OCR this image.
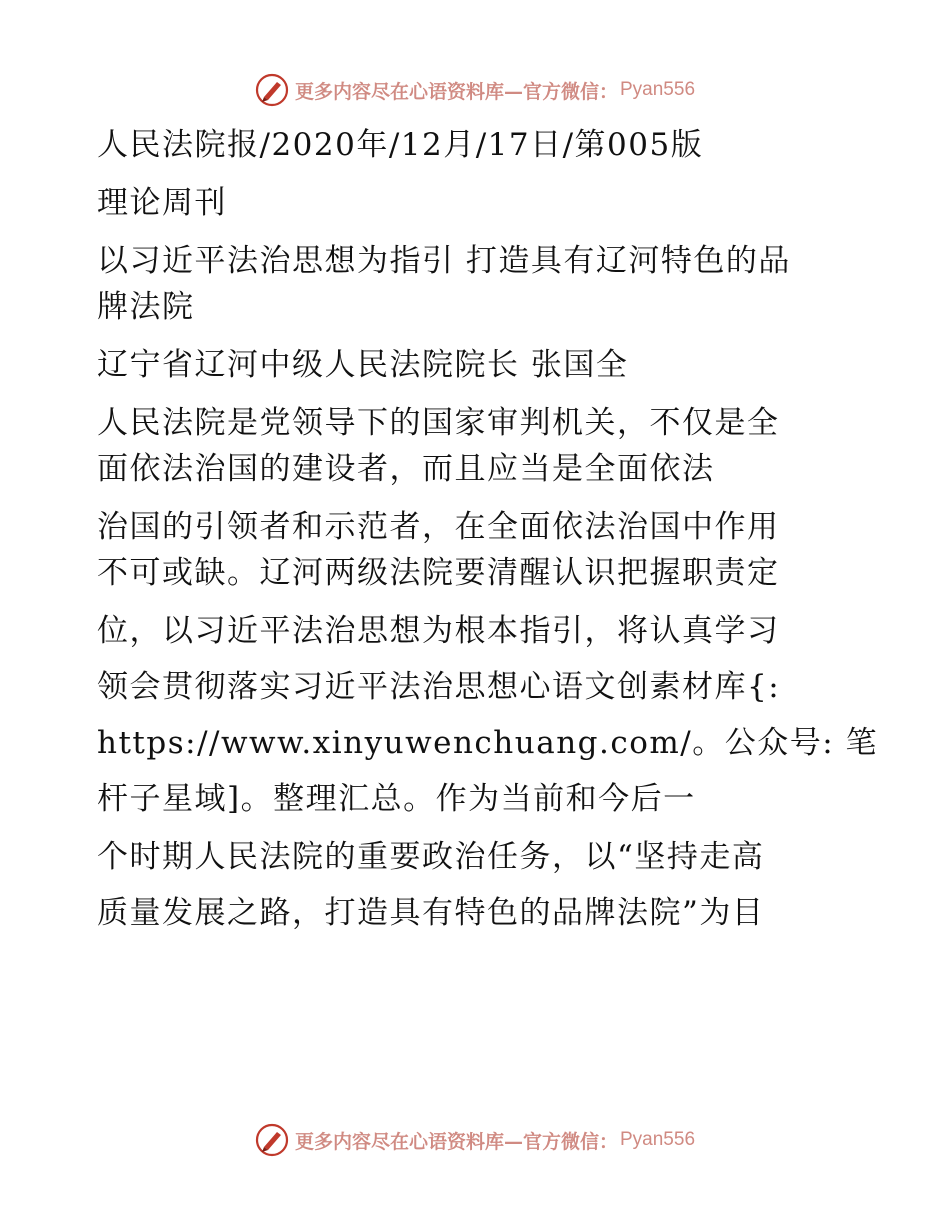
更多内容尽在心语资料库—官方微信： Pyan556
人民法院报/2020年/12月/17日/第005版
理论周刊
以习近平法治思想为指引 打造具有辽河特色的品
牌法院
辽宁省辽河中级人民法院院长 张国全
人民法院是党领导下的国家审判机关，不仅是全
面依法治国的建设者，而且应当是全面依法
治国的引领者和示范者，在全面依法治国中作用
不可或缺。辽河两级法院要清醒认识把握职责定
位，以习近平法治思想为根本指引，将认真学习
领会贯彻落实习近平法治思想心语文创素材库{:
https://www.xinyuwenchuang.com/。公众号: 笔
杆子星域]。整理汇总。作为当前和今后一
个时期人民法院的重要政治任务，以“坚持走高
质量发展之路，打造具有特色的品牌法院”为目
更多内容尽在心语资料库—官方微信： Pyan556
